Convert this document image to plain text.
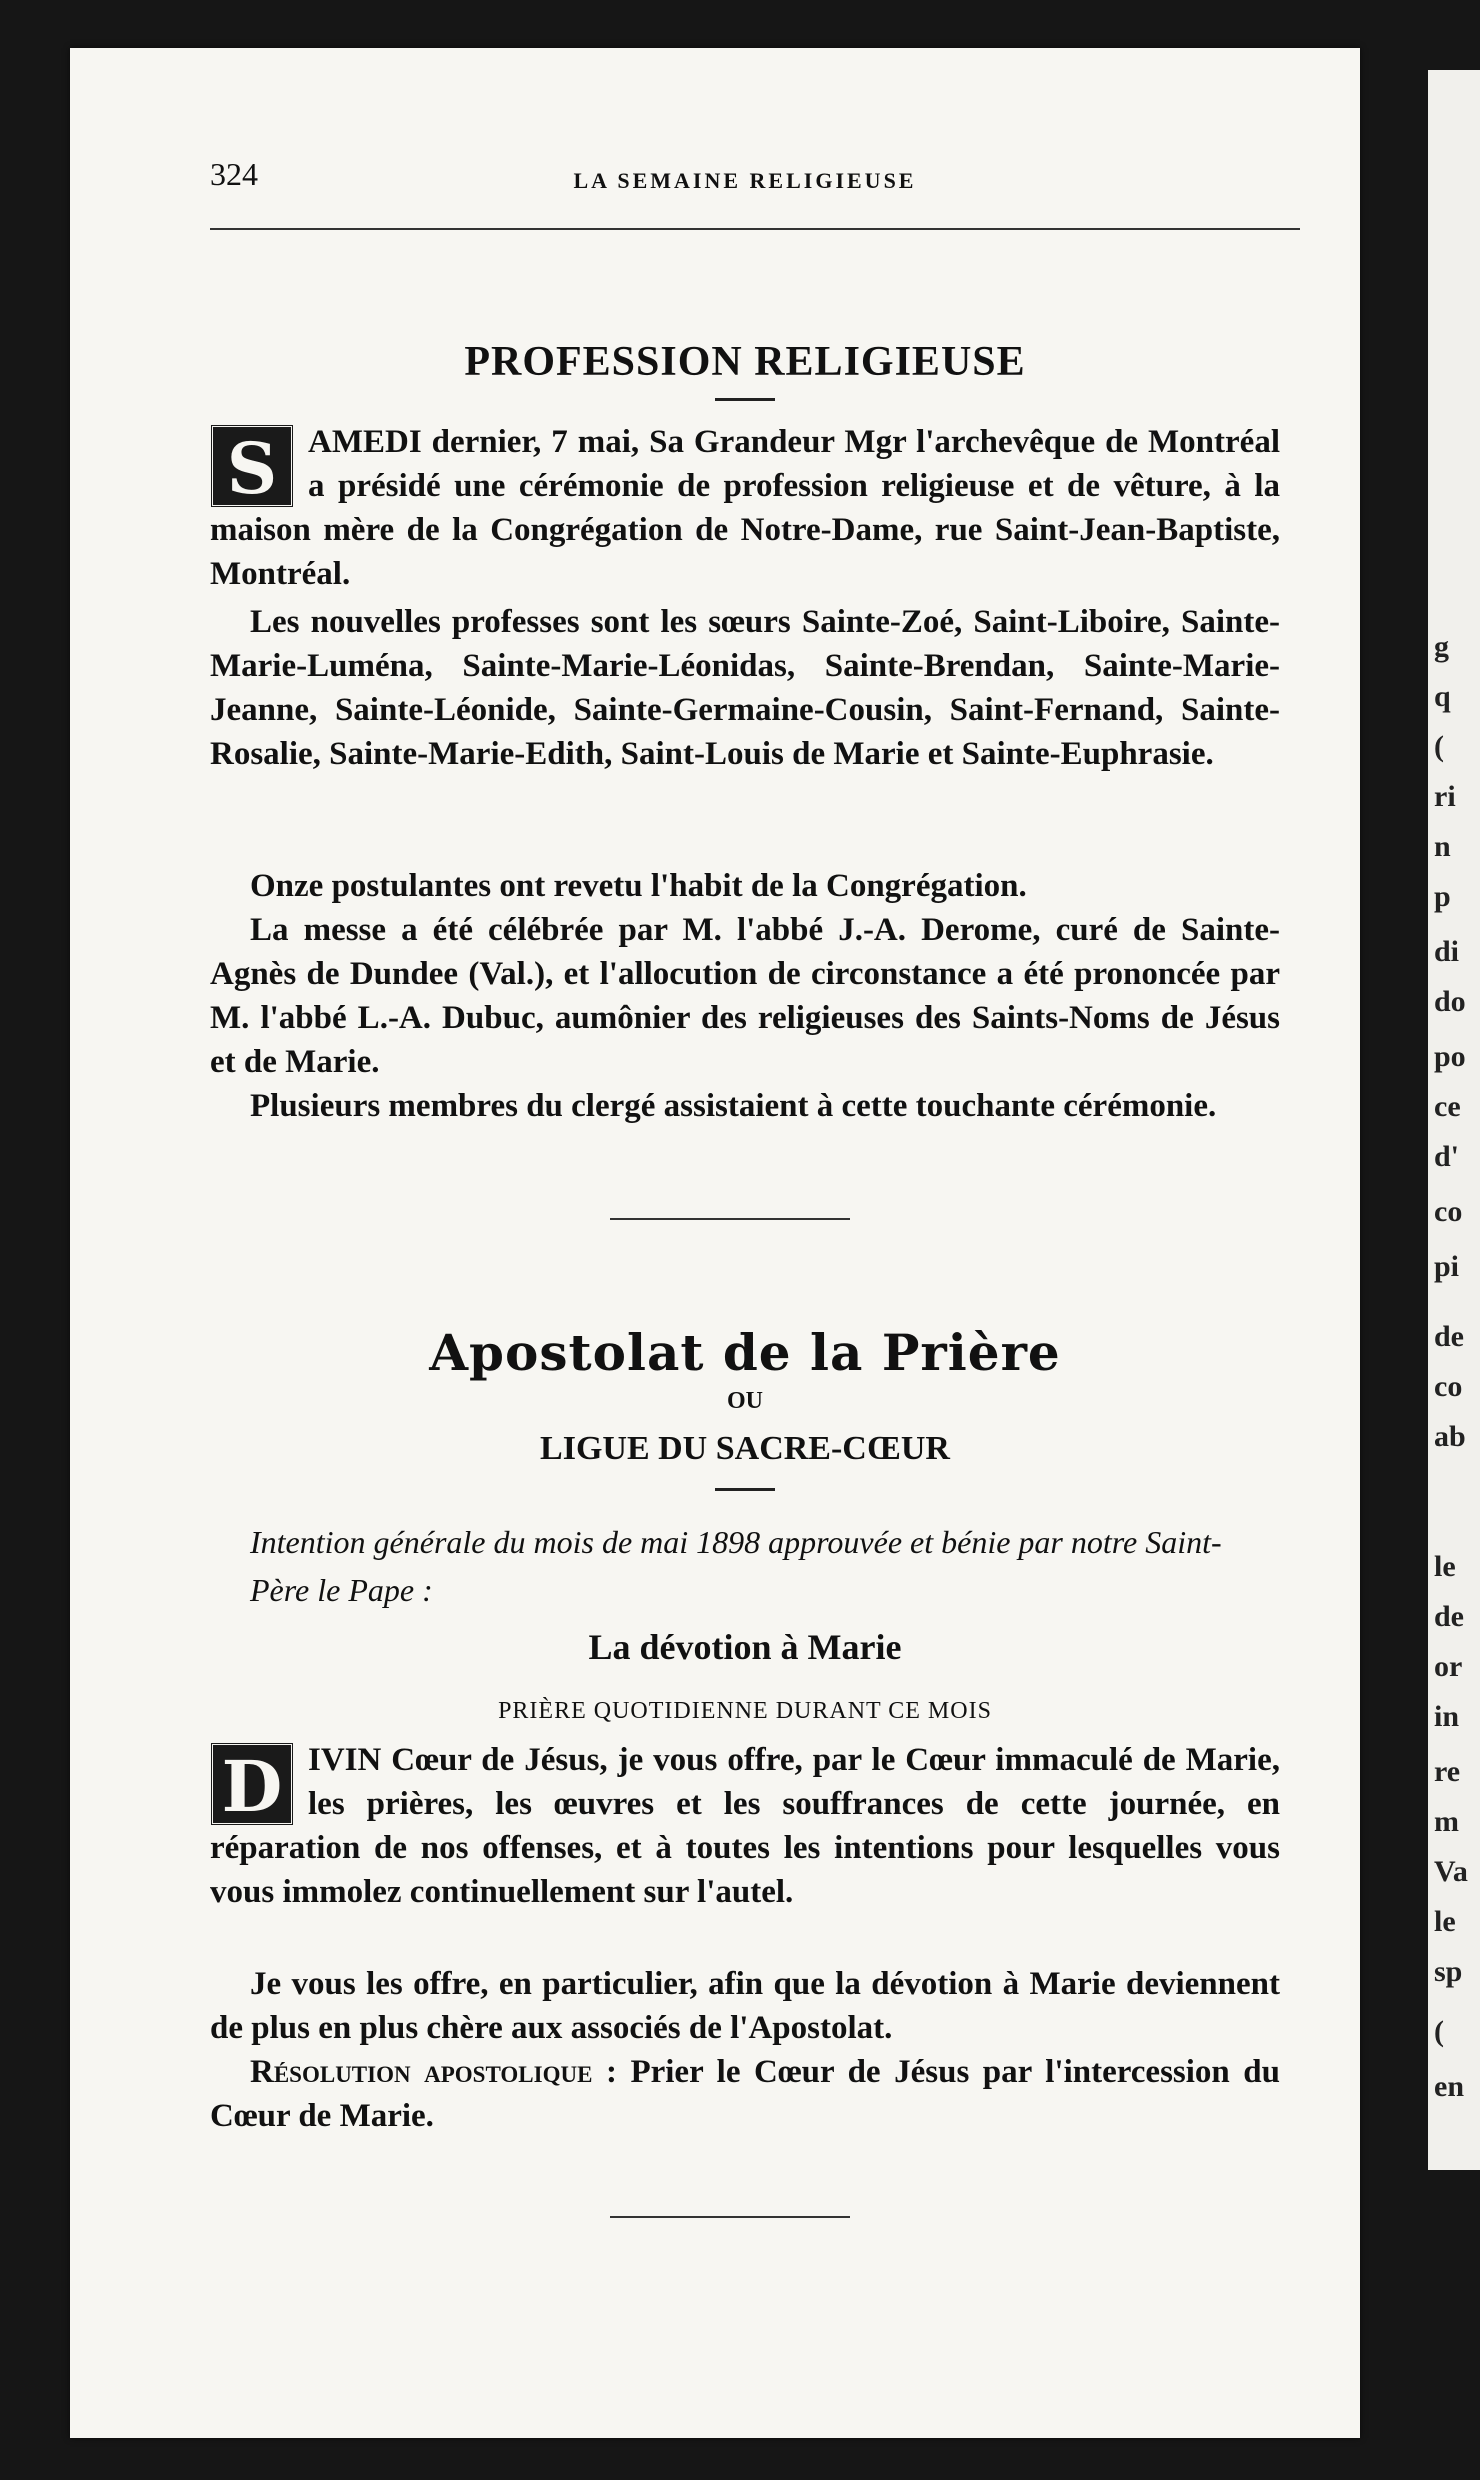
g
q
(
ri
n
p
di
do
po
ce
d'
co
pi
de
co
ab
le
de
or
in
re
m
Va
le
sp
(
en
324	LA SEMAINE RELIGIEUSE
PROFESSION RELIGIEUSE
S AMEDI dernier, 7 mai, Sa Grandeur Mgr l'archevêque de Montréal a présidé une cérémonie de profession religieuse et de vêture, à la maison mère de la Congrégation de Notre-Dame, rue Saint-Jean-Baptiste, Montréal.

Les nouvelles professes sont les sœurs Sainte-Zoé, Saint-Liboire, Sainte-Marie-Luména, Sainte-Marie-Léonidas, Sainte-Brendan, Sainte-Marie-Jeanne, Sainte-Léonide, Sainte-Germaine-Cousin, Saint-Fernand, Sainte-Rosalie, Sainte-Marie-Edith, Saint-Louis de Marie et Sainte-Euphrasie.

Onze postulantes ont revetu l'habit de la Congrégation.

La messe a été célébrée par M. l'abbé J.-A. Derome, curé de Sainte-Agnès de Dundee (Val.), et l'allocution de circonstance a été prononcée par M. l'abbé L.-A. Dubuc, aumônier des religieuses des Saints-Noms de Jésus et de Marie.

Plusieurs membres du clergé assistaient à cette touchante cérémonie.

Apostolat de la Prière
OU
LIGUE DU SACRE-CŒUR
Intention générale du mois de mai 1898 approuvée et bénie par notre Saint-Père le Pape :
La dévotion à Marie
PRIÈRE QUOTIDIENNE DURANT CE MOIS
D IVIN Cœur de Jésus, je vous offre, par le Cœur immaculé de Marie, les prières, les œuvres et les souffrances de cette journée, en réparation de nos offenses, et à toutes les intentions pour lesquelles vous vous immolez continuellement sur l'autel.

Je vous les offre, en particulier, afin que la dévotion à Marie deviennent de plus en plus chère aux associés de l'Apostolat.

Résolution apostolique : Prier le Cœur de Jésus par l'intercession du Cœur de Marie.
